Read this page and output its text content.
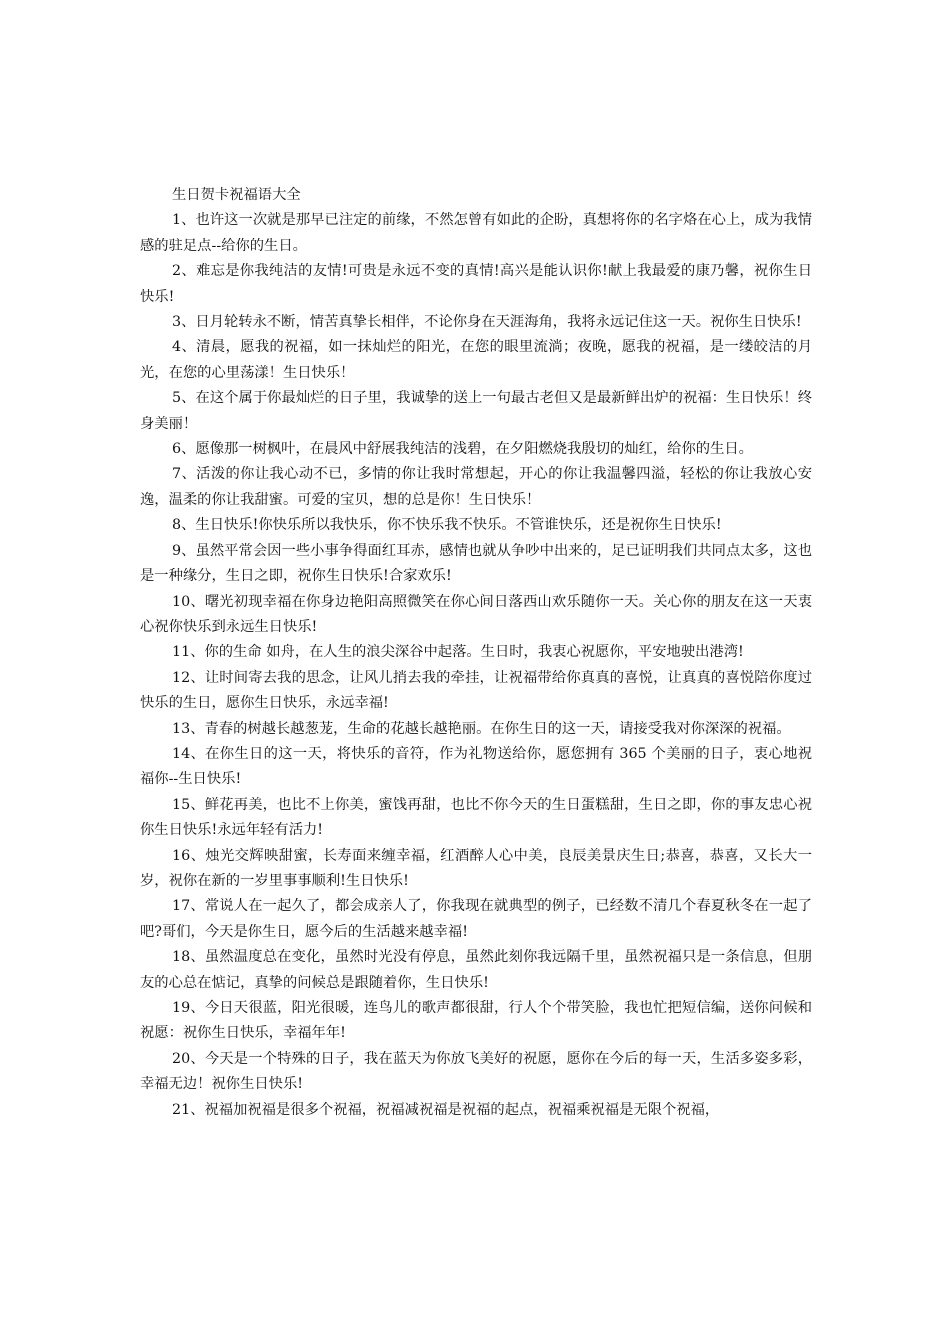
生日贺卡祝福语大全

1、也许这一次就是那早已注定的前缘，不然怎曾有如此的企盼，真想将你的名字烙在心上，成为我情感的驻足点--给你的生日。

2、难忘是你我纯洁的友情!可贵是永远不变的真情!高兴是能认识你!献上我最爱的康乃馨，祝你生日快乐!

3、日月轮转永不断，情苦真挚长相伴，不论你身在天涯海角，我将永远记住这一天。祝你生日快乐!

4、清晨，愿我的祝福，如一抹灿烂的阳光，在您的眼里流淌；夜晚，愿我的祝福，是一缕皎洁的月光，在您的心里荡漾！生日快乐！

5、在这个属于你最灿烂的日子里，我诚挚的送上一句最古老但又是最新鲜出炉的祝福：生日快乐！终身美丽！

6、愿像那一树枫叶，在晨风中舒展我纯洁的浅碧，在夕阳燃烧我殷切的灿红，给你的生日。

7、活泼的你让我心动不已，多情的你让我时常想起，开心的你让我温馨四溢，轻松的你让我放心安逸，温柔的你让我甜蜜。可爱的宝贝，想的总是你！生日快乐！

8、生日快乐!你快乐所以我快乐，你不快乐我不快乐。不管谁快乐，还是祝你生日快乐!

9、虽然平常会因一些小事争得面红耳赤，感情也就从争吵中出来的，足已证明我们共同点太多，这也是一种缘分，生日之即，祝你生日快乐!合家欢乐!

10、曙光初现幸福在你身边艳阳高照微笑在你心间日落西山欢乐随你一天。关心你的朋友在这一天衷心祝你快乐到永远生日快乐!

11、你的生命 如舟，在人生的浪尖深谷中起落。生日时，我衷心祝愿你，平安地驶出港湾!

12、让时间寄去我的思念，让风儿捎去我的牵挂，让祝福带给你真真的喜悦，让真真的喜悦陪你度过快乐的生日，愿你生日快乐，永远幸福!

13、青春的树越长越葱茏，生命的花越长越艳丽。在你生日的这一天，请接受我对你深深的祝福。

14、在你生日的这一天，将快乐的音符，作为礼物送给你，愿您拥有 365 个美丽的日子，衷心地祝福你--生日快乐!

15、鲜花再美，也比不上你美，蜜饯再甜，也比不你今天的生日蛋糕甜，生日之即，你的事友忠心祝你生日快乐!永远年轻有活力!

16、烛光交辉映甜蜜，长寿面来缠幸福，红酒醉人心中美，良辰美景庆生日;恭喜，恭喜，又长大一岁，祝你在新的一岁里事事顺利!生日快乐!

17、常说人在一起久了，都会成亲人了，你我现在就典型的例子，已经数不清几个春夏秋冬在一起了吧?哥们，今天是你生日，愿今后的生活越来越幸福!

18、虽然温度总在变化，虽然时光没有停息，虽然此刻你我远隔千里，虽然祝福只是一条信息，但朋友的心总在惦记，真挚的问候总是跟随着你，生日快乐!

19、今日天很蓝，阳光很暖，连鸟儿的歌声都很甜，行人个个带笑脸，我也忙把短信编，送你问候和祝愿：祝你生日快乐，幸福年年!

20、今天是一个特殊的日子，我在蓝天为你放飞美好的祝愿，愿你在今后的每一天，生活多姿多彩，幸福无边！祝你生日快乐!

21、祝福加祝福是很多个祝福，祝福减祝福是祝福的起点，祝福乘祝福是无限个祝福，
